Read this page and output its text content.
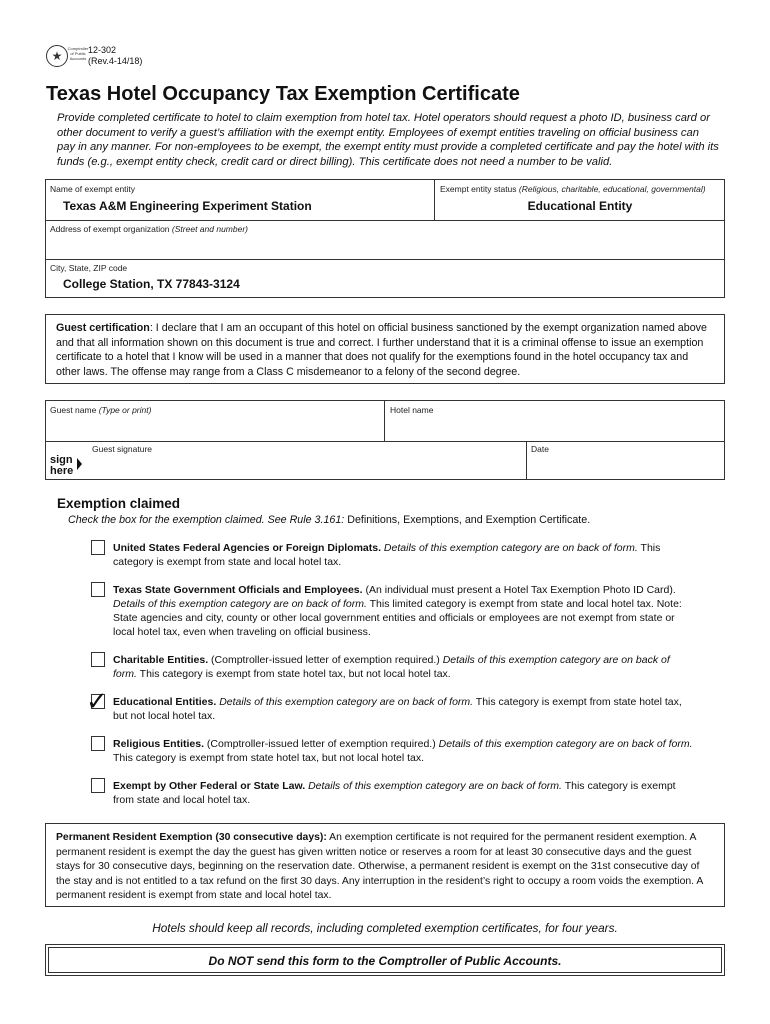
★
Comptroller of Public Accounts
12-302
(Rev.4-14/18)
Texas Hotel Occupancy Tax Exemption Certificate
Provide completed certificate to hotel to claim exemption from hotel tax. Hotel operators should request a photo ID, business card or other document to verify a guest’s affiliation with the exempt entity. Employees of exempt entities traveling on official business can pay in any manner. For non-employees to be exempt, the exempt entity must provide a completed certificate and pay the hotel with its funds (e.g., exempt entity check, credit card or direct billing). This certificate does not need a number to be valid.
Name of exempt entity
Texas A&M Engineering Experiment Station
Exempt entity status (Religious, charitable, educational, governmental)
Educational Entity
Address of exempt organization (Street and number)
City, State, ZIP code
College Station, TX 77843-3124
Guest certification: I declare that I am an occupant of this hotel on official business sanctioned by the exempt organization named above and that all information shown on this document is true and correct. I further understand that it is a criminal offense to issue an exemption certificate to a hotel that I know will be used in a manner that does not qualify for the exemptions found in the hotel occupancy tax and other laws. The offense may range from a Class C misdemeanor to a felony of the second degree.
Guest name (Type or print)	Hotel name
Guest signature	Date
sign
here
Exemption claimed
Check the box for the exemption claimed. See Rule 3.161: Definitions, Exemptions, and Exemption Certificate.
United States Federal Agencies or Foreign Diplomats. Details of this exemption category are on back of form. This category is exempt from state and local hotel tax.
Texas State Government Officials and Employees. (An individual must present a Hotel Tax Exemption Photo ID Card). Details of this exemption category are on back of form. This limited category is exempt from state and local hotel tax. Note: State agencies and city, county or other local government entities and officials or employees are not exempt from state or local hotel tax, even when traveling on official business.
Charitable Entities. (Comptroller-issued letter of exemption required.) Details of this exemption category are on back of form. This category is exempt from state hotel tax, but not local hotel tax.
✓ Educational Entities. Details of this exemption category are on back of form. This category is exempt from state hotel tax, but not local hotel tax.
Religious Entities. (Comptroller-issued letter of exemption required.) Details of this exemption category are on back of form. This category is exempt from state hotel tax, but not local hotel tax.
Exempt by Other Federal or State Law. Details of this exemption category are on back of form. This category is exempt from state and local hotel tax.
Permanent Resident Exemption (30 consecutive days): An exemption certificate is not required for the permanent resident exemption. A permanent resident is exempt the day the guest has given written notice or reserves a room for at least 30 consecutive days and the guest stays for 30 consecutive days, beginning on the reservation date. Otherwise, a permanent resident is exempt on the 31st consecutive day of the stay and is not entitled to a tax refund on the first 30 days. Any interruption in the resident’s right to occupy a room voids the exemption. A permanent resident is exempt from state and local hotel tax.
Hotels should keep all records, including completed exemption certificates, for four years.
Do NOT send this form to the Comptroller of Public Accounts.
